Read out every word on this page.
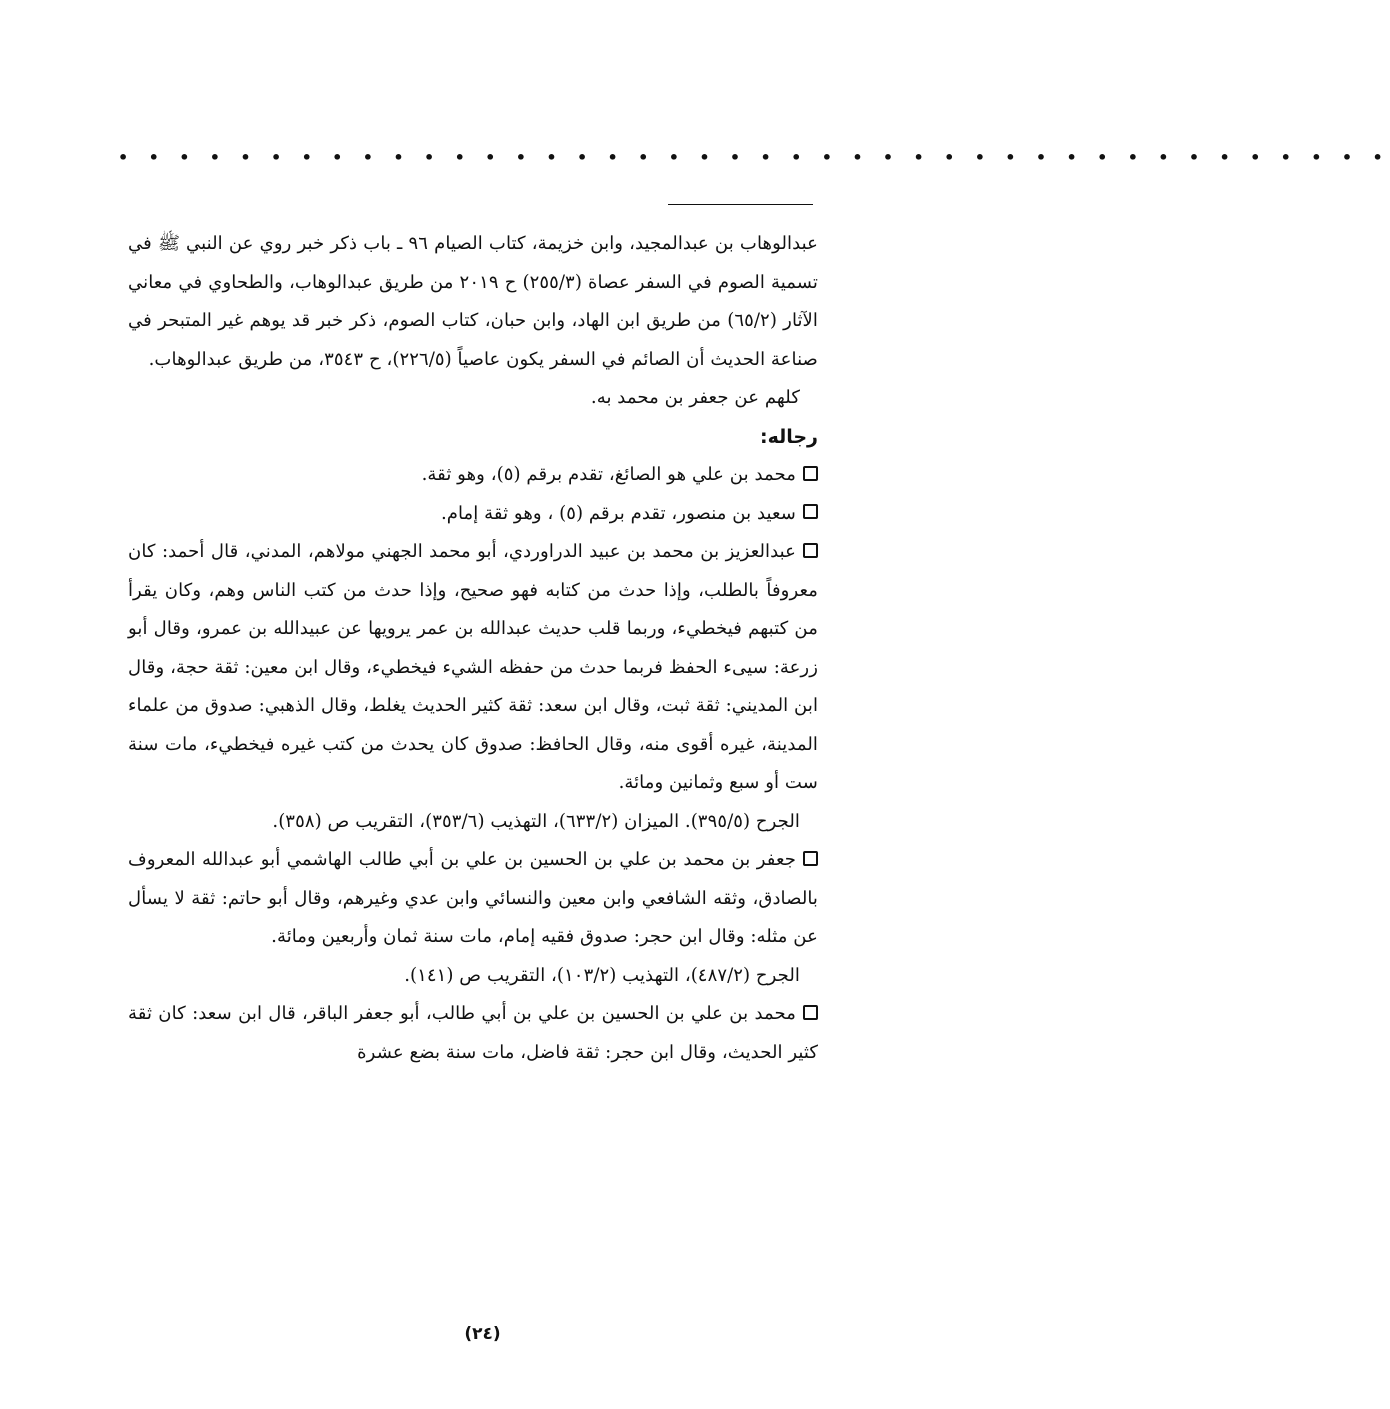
• • • • • • • • • • • • • • • • • • • • • • • • • • • • • • • • • • • • • • • • • •

عبدالوهاب بن عبدالمجيد، وابن خزيمة، كتاب الصيام ٩٦ ـ باب ذكر خبر روي عن النبي ﷺ في تسمية الصوم في السفر عصاة (٢٥٥/٣) ح ٢٠١٩ من طريق عبدالوهاب، والطحاوي في معاني الآثار (٦٥/٢) من طريق ابن الهاد، وابن حبان، كتاب الصوم، ذكر خبر قد يوهم غير المتبحر في صناعة الحديث أن الصائم في السفر يكون عاصياً (٢٢٦/٥)، ح ٣٥٤٣، من طريق عبدالوهاب.

كلهم عن جعفر بن محمد به.

رجاله:

محمد بن علي هو الصائغ، تقدم برقم (٥)، وهو ثقة.

سعيد بن منصور، تقدم برقم (٥) ، وهو ثقة إمام.

عبدالعزيز بن محمد بن عبيد الدراوردي، أبو محمد الجهني مولاهم، المدني، قال أحمد: كان معروفاً بالطلب، وإذا حدث من كتابه فهو صحيح، وإذا حدث من كتب الناس وهم، وكان يقرأ من كتبهم فيخطيء، وربما قلب حديث عبدالله بن عمر يرويها عن عبيدالله بن عمرو، وقال أبو زرعة: سيىء الحفظ فربما حدث من حفظه الشيء فيخطيء، وقال ابن معين: ثقة حجة، وقال ابن المديني: ثقة ثبت، وقال ابن سعد: ثقة كثير الحديث يغلط، وقال الذهبي: صدوق من علماء المدينة، غيره أقوى منه، وقال الحافظ: صدوق كان يحدث من كتب غيره فيخطيء، مات سنة ست أو سبع وثمانين ومائة.

الجرح (٣٩٥/٥). الميزان (٦٣٣/٢)، التهذيب (٣٥٣/٦)، التقريب ص (٣٥٨).

جعفر بن محمد بن علي بن الحسين بن علي بن أبي طالب الهاشمي أبو عبدالله المعروف بالصادق، وثقه الشافعي وابن معين والنسائي وابن عدي وغيرهم، وقال أبو حاتم: ثقة لا يسأل عن مثله: وقال ابن حجر: صدوق فقيه إمام، مات سنة ثمان وأربعين ومائة.

الجرح (٤٨٧/٢)، التهذيب (١٠٣/٢)، التقريب ص (١٤١).

محمد بن علي بن الحسين بن علي بن أبي طالب، أبو جعفر الباقر، قال ابن سعد: كان ثقة كثير الحديث، وقال ابن حجر: ثقة فاضل، مات سنة بضع عشرة

(٢٤)
